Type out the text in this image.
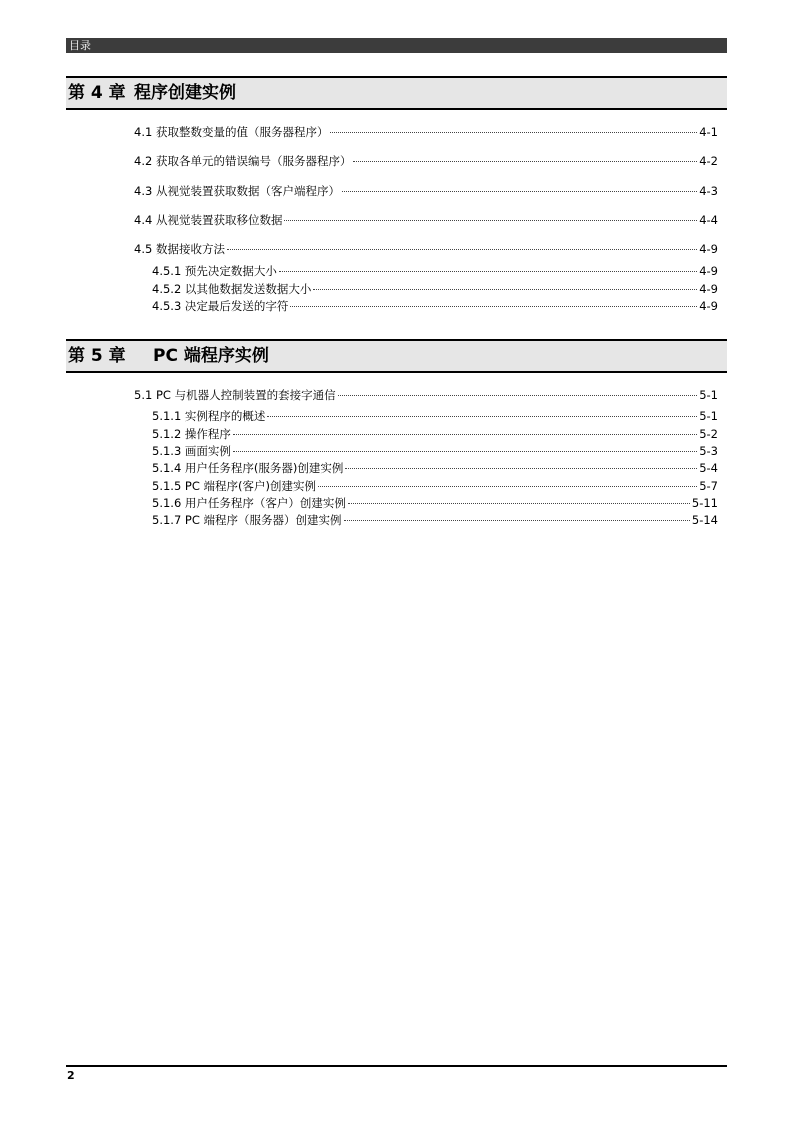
目录
第 4 章 程序创建实例
4.1 获取整数变量的值（服务器程序）	4-1
4.2 获取各单元的错误编号（服务器程序）	4-2
4.3 从视觉装置获取数据（客户端程序）	4-3
4.4 从视觉装置获取移位数据	4-4
4.5 数据接收方法	4-9
4.5.1 预先决定数据大小	4-9
4.5.2 以其他数据发送数据大小	4-9
4.5.3 决定最后发送的字符	4-9
第 5 章 PC 端程序实例
5.1 PC 与机器人控制装置的套接字通信	5-1
5.1.1 实例程序的概述	5-1
5.1.2 操作程序	5-2
5.1.3 画面实例	5-3
5.1.4 用户任务程序(服务器)创建实例	5-4
5.1.5 PC 端程序(客户)创建实例	5-7
5.1.6 用户任务程序（客户）创建实例	5-11
5.1.7 PC 端程序（服务器）创建实例	5-14
2
